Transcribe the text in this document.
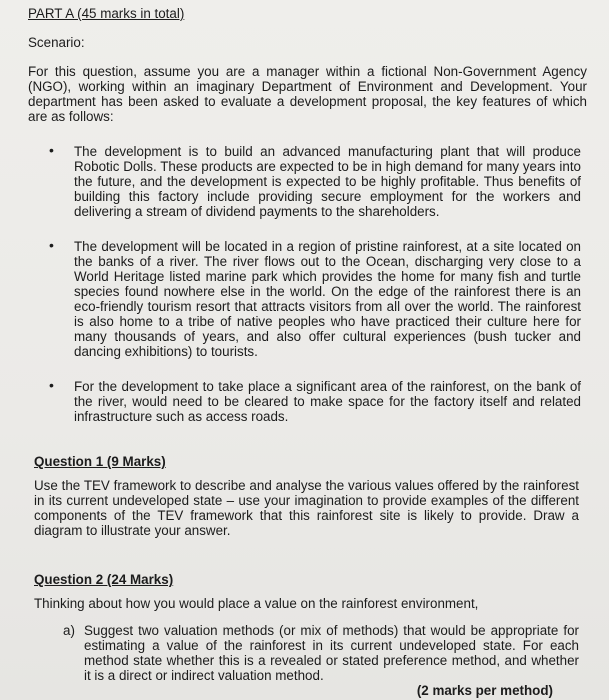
PART A (45 marks in total)
Scenario:
For this question, assume you are a manager within a fictional Non-Government Agency (NGO), working within an imaginary Department of Environment and Development. Your department has been asked to evaluate a development proposal, the key features of which are as follows:
• The development is to build an advanced manufacturing plant that will produce Robotic Dolls. These products are expected to be in high demand for many years into the future, and the development is expected to be highly profitable. Thus benefits of building this factory include providing secure employment for the workers and delivering a stream of dividend payments to the shareholders.
• The development will be located in a region of pristine rainforest, at a site located on the banks of a river. The river flows out to the Ocean, discharging very close to a World Heritage listed marine park which provides the home for many fish and turtle species found nowhere else in the world. On the edge of the rainforest there is an eco-friendly tourism resort that attracts visitors from all over the world. The rainforest is also home to a tribe of native peoples who have practiced their culture here for many thousands of years, and also offer cultural experiences (bush tucker and dancing exhibitions) to tourists.
• For the development to take place a significant area of the rainforest, on the bank of the river, would need to be cleared to make space for the factory itself and related infrastructure such as access roads.
Question 1 (9 Marks)
Use the TEV framework to describe and analyse the various values offered by the rainforest in its current undeveloped state – use your imagination to provide examples of the different components of the TEV framework that this rainforest site is likely to provide. Draw a diagram to illustrate your answer.
Question 2 (24 Marks)
Thinking about how you would place a value on the rainforest environment,
a) Suggest two valuation methods (or mix of methods) that would be appropriate for estimating a value of the rainforest in its current undeveloped state. For each method state whether this is a revealed or stated preference method, and whether it is a direct or indirect valuation method.
(2 marks per method)
